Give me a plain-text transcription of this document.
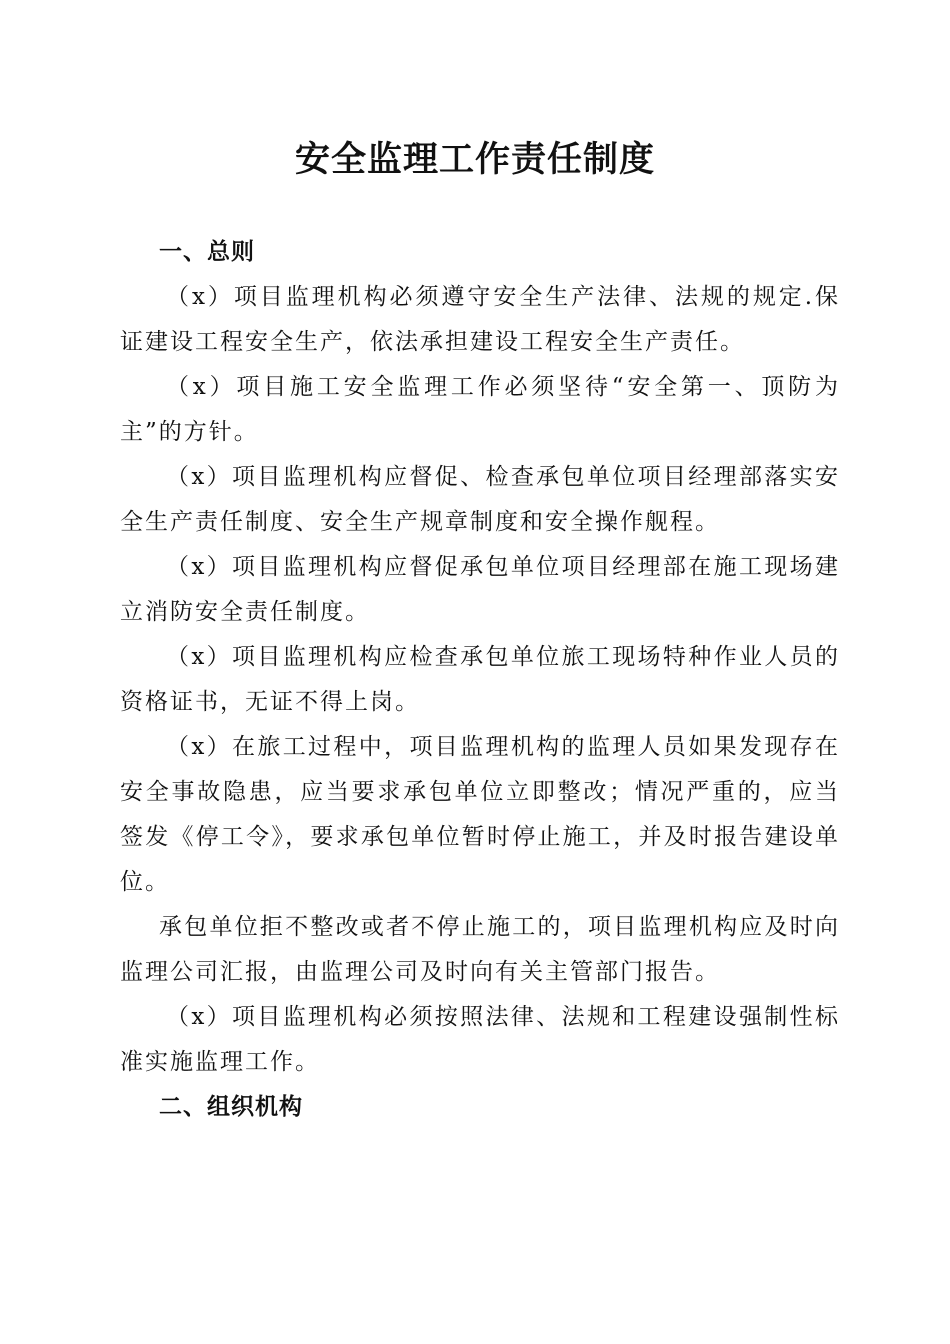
安全监理工作责任制度

一、总则

（x）项目监理机构必须遵守安全生产法律、法规的规定.保证建设工程安全生产，依法承担建设工程安全生产责任。

（x）项目施工安全监理工作必须坚待“安全第一、顶防为主”的方针。

（x）项目监理机构应督促、检查承包单位项目经理部落实安全生产责任制度、安全生产规章制度和安全操作舰程。

（x）项目监理机构应督促承包单位项目经理部在施工现场建立消防安全责任制度。

（x）项目监理机构应检查承包单位旅工现场特种作业人员的资格证书，无证不得上岗。

（x）在旅工过程中，项目监理机构的监理人员如果发现存在安全事故隐患，应当要求承包单位立即整改；情况严重的，应当签发《停工令》，要求承包单位暂时停止施工，并及时报告建设单位。

承包单位拒不整改或者不停止施工的，项目监理机构应及时向监理公司汇报，由监理公司及时向有关主管部门报告。

（x）项目监理机构必须按照法律、法规和工程建设强制性标准实施监理工作。

二、组织机构
